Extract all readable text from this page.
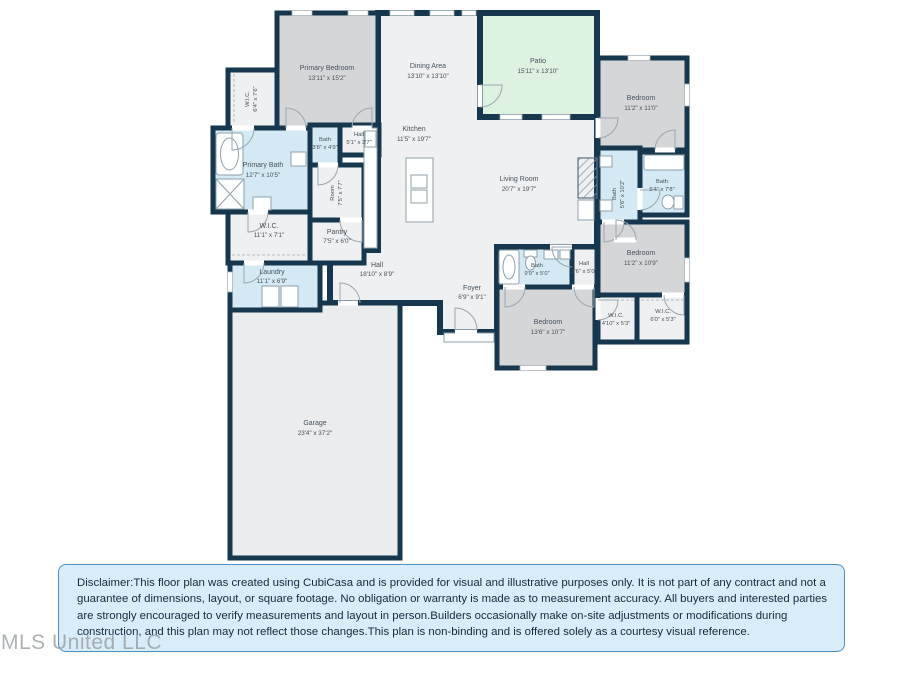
Primary Bedroom
13'11" x 15'2"
Dining Area
13'10" x 13'10"
Patio
15'11" x 13'10"
Kitchen
11'5" x 19'7"
Living Room
20'7" x 19'7"
Bedroom
11'2" x 11'0"
W.I.C. 6'4" x 7'6"
Primary Bath
12'7" x 10'5"
Bath
3'8" x 4'9"
Hall
5'1" x 3'7"
Room 7'5" x 7'7"
W.I.C.
11'1" x 7'1"	Pantry
7'5" x 6'0"
Laundry
11'1" x 6'9"
Hall
18'10" x 8'9"
Foyer
6'9" x 9'1"
Bath
9'9" x 5'0"
Hall
3'6" x 5'0"
Bedroom
13'6" x 10'7"
Bath 5'6" x 10'2"	Bath
5'4" x 7'8"
Bedroom
11'2" x 10'9"
W.I.C.
4'10" x 5'3"
W.I.C.
6'0" x 5'3"
Garage
23'4" x 37'2"
Disclaimer:This floor plan was created using CubiCasa and is provided for visual and illustrative purposes only. It is not part of any contract and not a guarantee of dimensions, layout, or square footage. No obligation or warranty is made as to measurement accuracy. All buyers and interested parties are strongly encouraged to verify measurements and layout in person.Builders occasionally make on-site adjustments or modifications during construction, and this plan may not reflect those changes.This plan is non-binding and is offered solely as a courtesy visual reference.
MLS United LLC
